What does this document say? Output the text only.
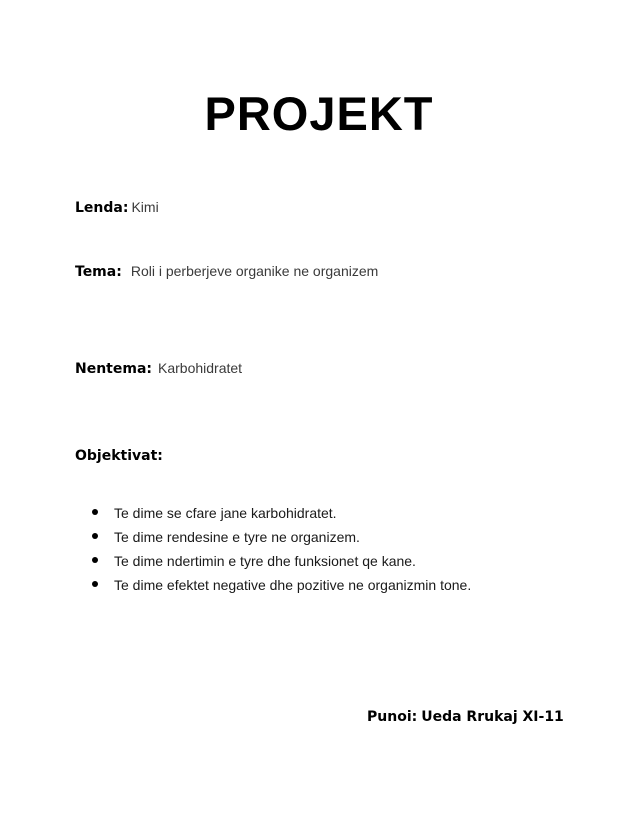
PROJEKT
Lenda: Kimi
Tema: Roli i perberjeve organike ne organizem
Nentema: Karbohidratet
Objektivat:
Te dime se cfare jane karbohidratet.
Te dime rendesine e tyre ne organizem.
Te dime ndertimin e tyre dhe funksionet qe kane.
Te dime efektet negative dhe pozitive ne organizmin tone.
Punoi: Ueda Rrukaj XI-11
